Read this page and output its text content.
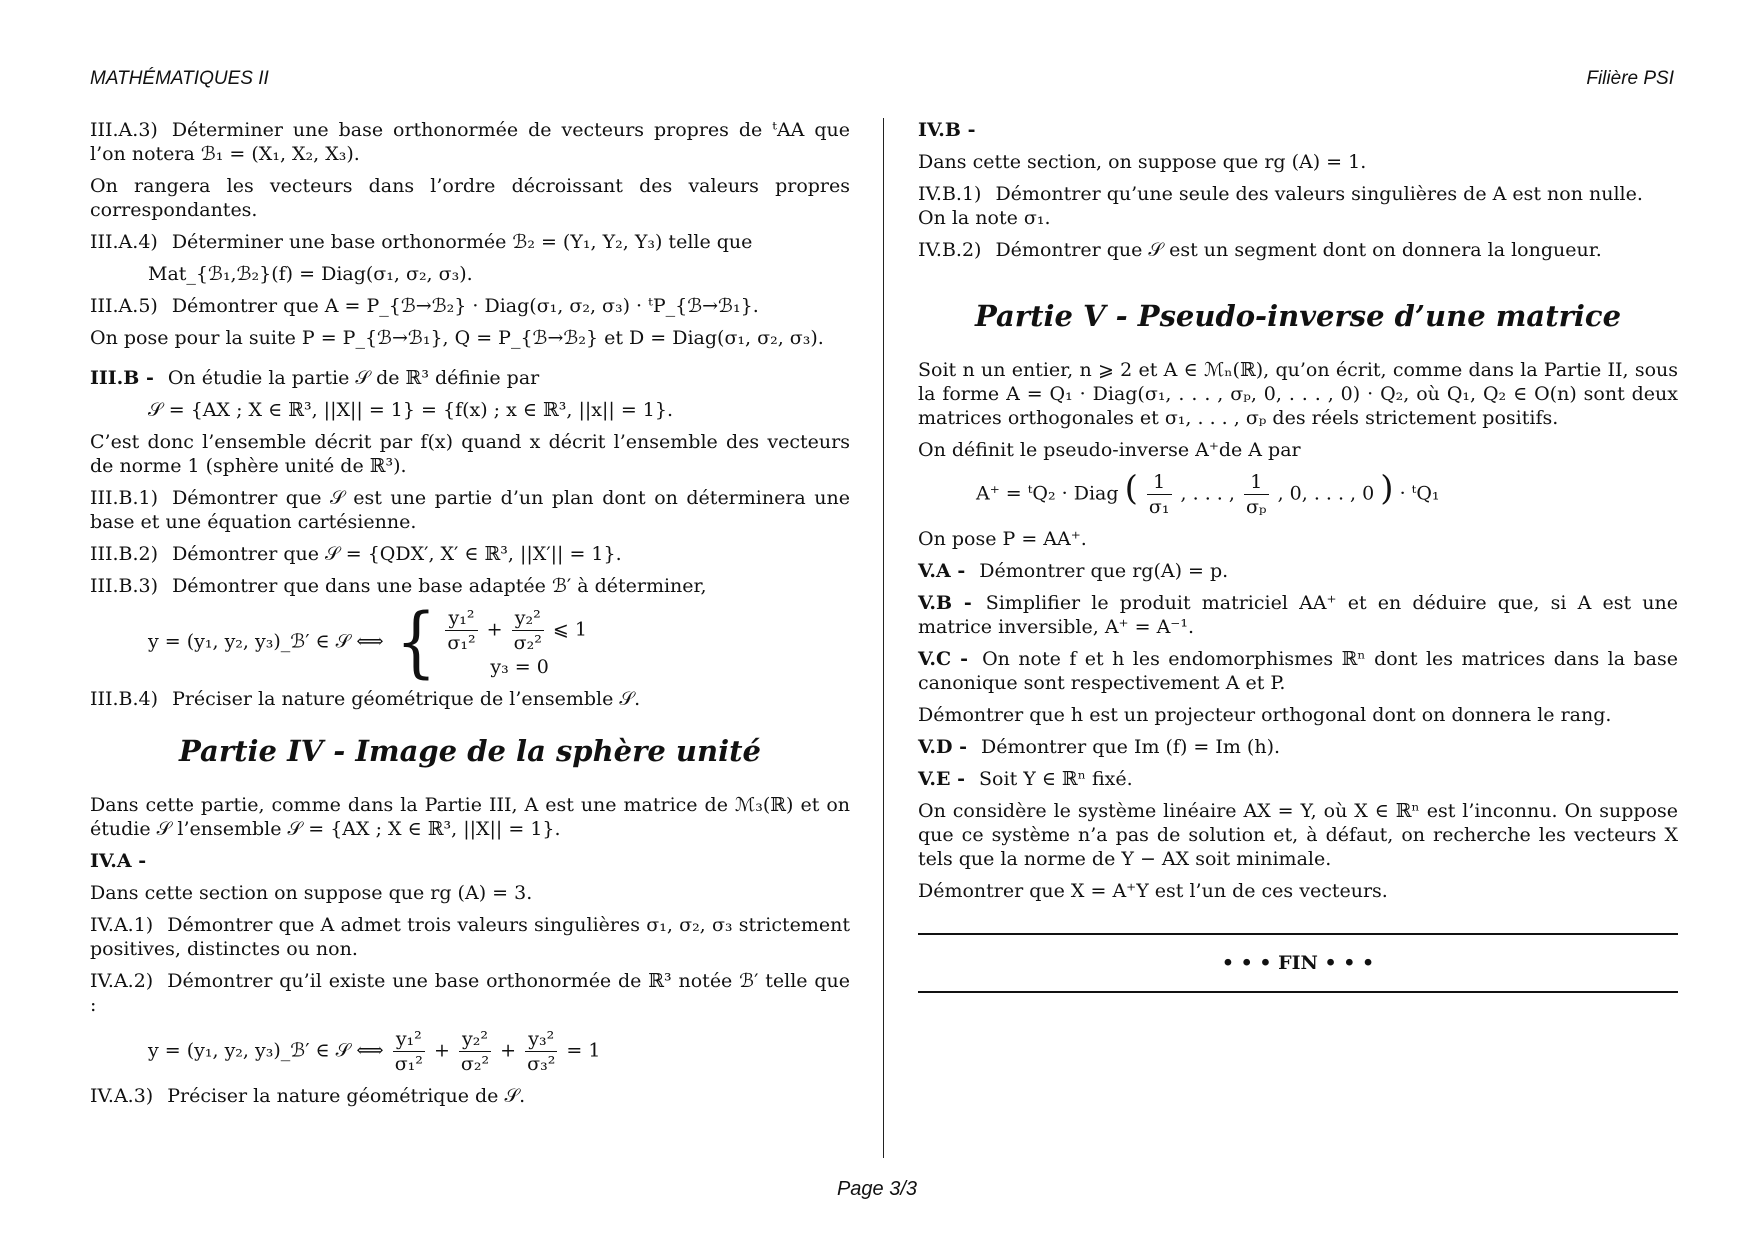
MATHÉMATIQUES II	Filière PSI

III.A.3) Déterminer une base orthonormée de vecteurs propres de ᵗAA que l’on notera ℬ₁ = (X₁, X₂, X₃).

On rangera les vecteurs dans l’ordre décroissant des valeurs propres correspondantes.

III.A.4) Déterminer une base orthonormée ℬ₂ = (Y₁, Y₂, Y₃) telle que

Mat_{ℬ₁,ℬ₂}(f) = Diag(σ₁, σ₂, σ₃).

III.A.5) Démontrer que A = P_{ℬ→ℬ₂} · Diag(σ₁, σ₂, σ₃) · ᵗP_{ℬ→ℬ₁}.

On pose pour la suite P = P_{ℬ→ℬ₁}, Q = P_{ℬ→ℬ₂} et D = Diag(σ₁, σ₂, σ₃).

III.B - On étudie la partie 𝒮 de ℝ³ définie par

𝒮 = {AX ; X ∈ ℝ³, ||X|| = 1} = {f(x) ; x ∈ ℝ³, ||x|| = 1}.

C’est donc l’ensemble décrit par f(x) quand x décrit l’ensemble des vecteurs de norme 1 (sphère unité de ℝ³).

III.B.1) Démontrer que 𝒮 est une partie d’un plan dont on déterminera une base et une équation cartésienne.

III.B.2) Démontrer que 𝒮 = {QDX′, X′ ∈ ℝ³, ||X′|| = 1}.

III.B.3) Démontrer que dans une base adaptée ℬ′ à déterminer,

y = (y₁, y₂, y₃)_ℬ′ ∈ 𝒮 ⟺ { $\frac{\text{y₁²}}{\text{σ₁²}} + \frac{\text{y₂²}}{\text{σ₂²}}$ ⩽ 1
y₃ = 0

III.B.4) Préciser la nature géométrique de l’ensemble 𝒮.

Partie IV - Image de la sphère unité

Dans cette partie, comme dans la Partie III, A est une matrice de ℳ₃(ℝ) et on étudie 𝒮 l’ensemble 𝒮 = {AX ; X ∈ ℝ³, ||X|| = 1}.

IV.A -

Dans cette section on suppose que rg (A) = 3.

IV.A.1) Démontrer que A admet trois valeurs singulières σ₁, σ₂, σ₃ strictement positives, distinctes ou non.

IV.A.2) Démontrer qu’il existe une base orthonormée de ℝ³ notée ℬ′ telle que :

y = (y₁, y₂, y₃)_ℬ′ ∈ 𝒮 ⟺ $\frac{\text{y₁²}}{\text{σ₁²}} + \frac{\text{y₂²}}{\text{σ₂²}} + \frac{\text{y₃²}}{\text{σ₃²}} = 1$

IV.A.3) Préciser la nature géométrique de 𝒮.

IV.B -

Dans cette section, on suppose que rg (A) = 1.

IV.B.1) Démontrer qu’une seule des valeurs singulières de A est non nulle.

On la note σ₁.

IV.B.2) Démontrer que 𝒮 est un segment dont on donnera la longueur.

Partie V - Pseudo-inverse d’une matrice

Soit n un entier, n ⩾ 2 et A ∈ ℳₙ(ℝ), qu’on écrit, comme dans la Partie II, sous la forme A = Q₁ · Diag(σ₁, . . . , σₚ, 0, . . . , 0) · Q₂, où Q₁, Q₂ ∈ O(n) sont deux matrices orthogonales et σ₁, . . . , σₚ des réels strictement positifs.

On définit le pseudo-inverse A⁺de A par

A⁺ = ᵗQ₂ · Diag ( $\frac{1}{\text{σ₁}}$ , . . . , $\frac{1}{\text{σₚ}}$ , 0, . . . , 0 ) · ᵗQ₁

On pose P = AA⁺.

V.A - Démontrer que rg(A) = p.

V.B - Simplifier le produit matriciel AA⁺ et en déduire que, si A est une matrice inversible, A⁺ = A⁻¹.

V.C - On note f et h les endomorphismes ℝⁿ dont les matrices dans la base canonique sont respectivement A et P.

Démontrer que h est un projecteur orthogonal dont on donnera le rang.

V.D - Démontrer que Im (f) = Im (h).

V.E - Soit Y ∈ ℝⁿ fixé.

On considère le système linéaire AX = Y, où X ∈ ℝⁿ est l’inconnu. On suppose que ce système n’a pas de solution et, à défaut, on recherche les vecteurs X tels que la norme de Y − AX soit minimale.

Démontrer que X = A⁺Y est l’un de ces vecteurs.

• • • FIN • • •
Page 3/3
